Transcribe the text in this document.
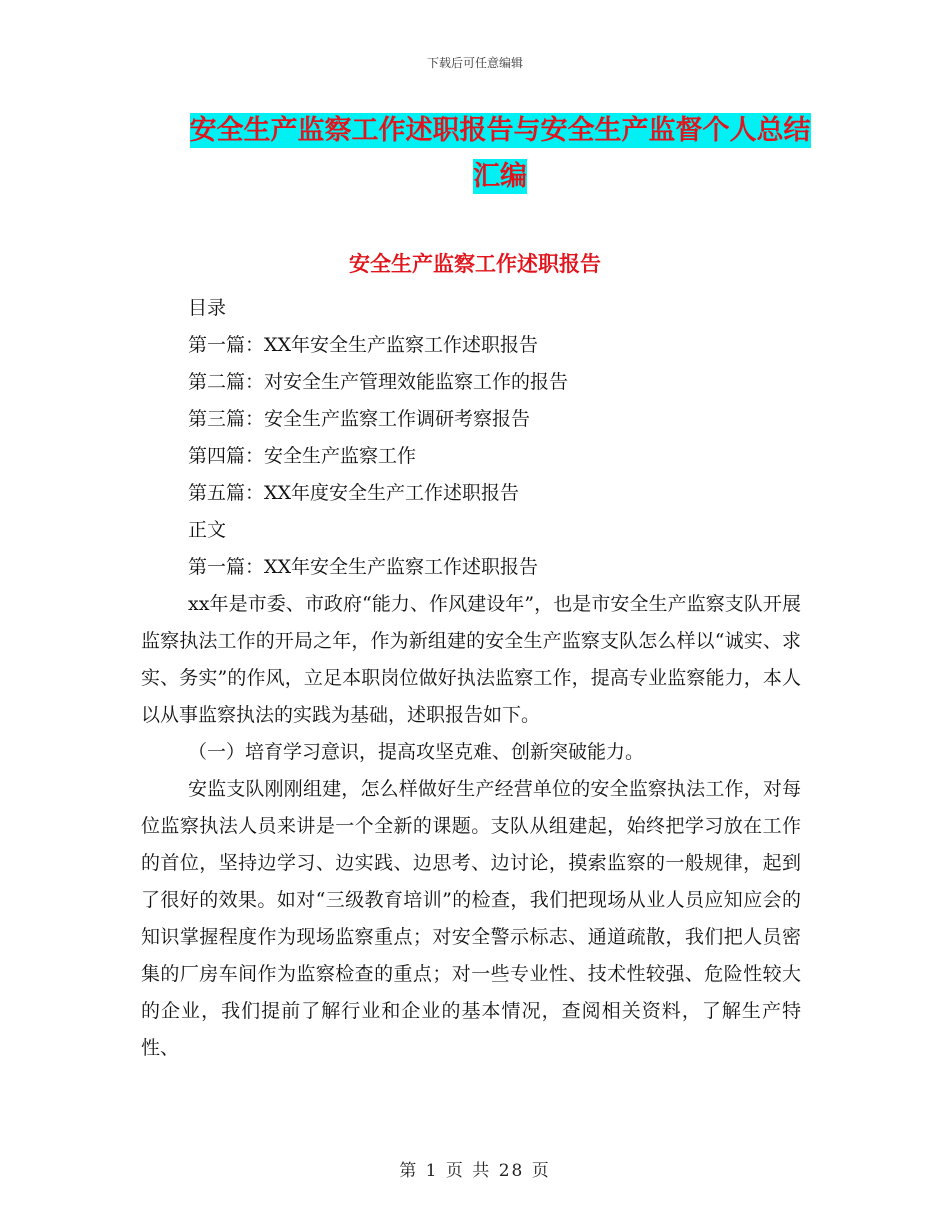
下载后可任意编辑
安全生产监察工作述职报告与安全生产监督个人总结
汇编
安全生产监察工作述职报告
目录
第一篇：XX年安全生产监察工作述职报告
第二篇：对安全生产管理效能监察工作的报告
第三篇：安全生产监察工作调研考察报告
第四篇：安全生产监察工作
第五篇：XX年度安全生产工作述职报告
正文
第一篇：XX年安全生产监察工作述职报告

xx年是市委、市政府“能力、作风建设年”，也是市安全生产监察支队开展监察执法工作的开局之年，作为新组建的安全生产监察支队怎么样以“诚实、求实、务实”的作风，立足本职岗位做好执法监察工作，提高专业监察能力，本人以从事监察执法的实践为基础，述职报告如下。

（一）培育学习意识，提高攻坚克难、创新突破能力。

安监支队刚刚组建，怎么样做好生产经营单位的安全监察执法工作，对每位监察执法人员来讲是一个全新的课题。支队从组建起，始终把学习放在工作的首位，坚持边学习、边实践、边思考、边讨论，摸索监察的一般规律，起到了很好的效果。如对“三级教育培训”的检查，我们把现场从业人员应知应会的知识掌握程度作为现场监察重点；对安全警示标志、通道疏散，我们把人员密集的厂房车间作为监察检查的重点；对一些专业性、技术性较强、危险性较大的企业，我们提前了解行业和企业的基本情况，查阅相关资料，了解生产特性、

第 1 页 共 28 页
